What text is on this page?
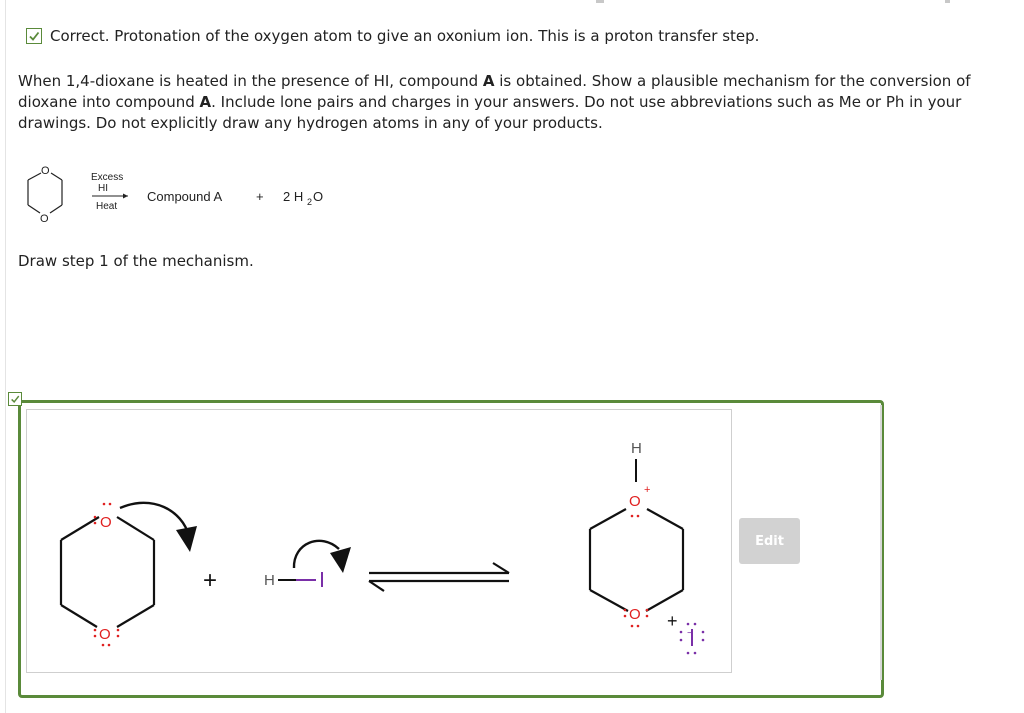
Correct. Protonation of the oxygen atom to give an oxonium ion. This is a proton transfer step.
When 1,4-dioxane is heated in the presence of HI, compound A is obtained. Show a plausible mechanism for the conversion of dioxane into compound A. Include lone pairs and charges in your answers. Do not use abbreviations such as Me or Ph in your drawings. Do not explicitly draw any hydrogen atoms in any of your products.
O
O
Excess
HI
Heat
Compound A	+ 2 H 2 O
Draw step 1 of the mechanism.
O
O
+	H
H
+
O
O +
−
Edit
